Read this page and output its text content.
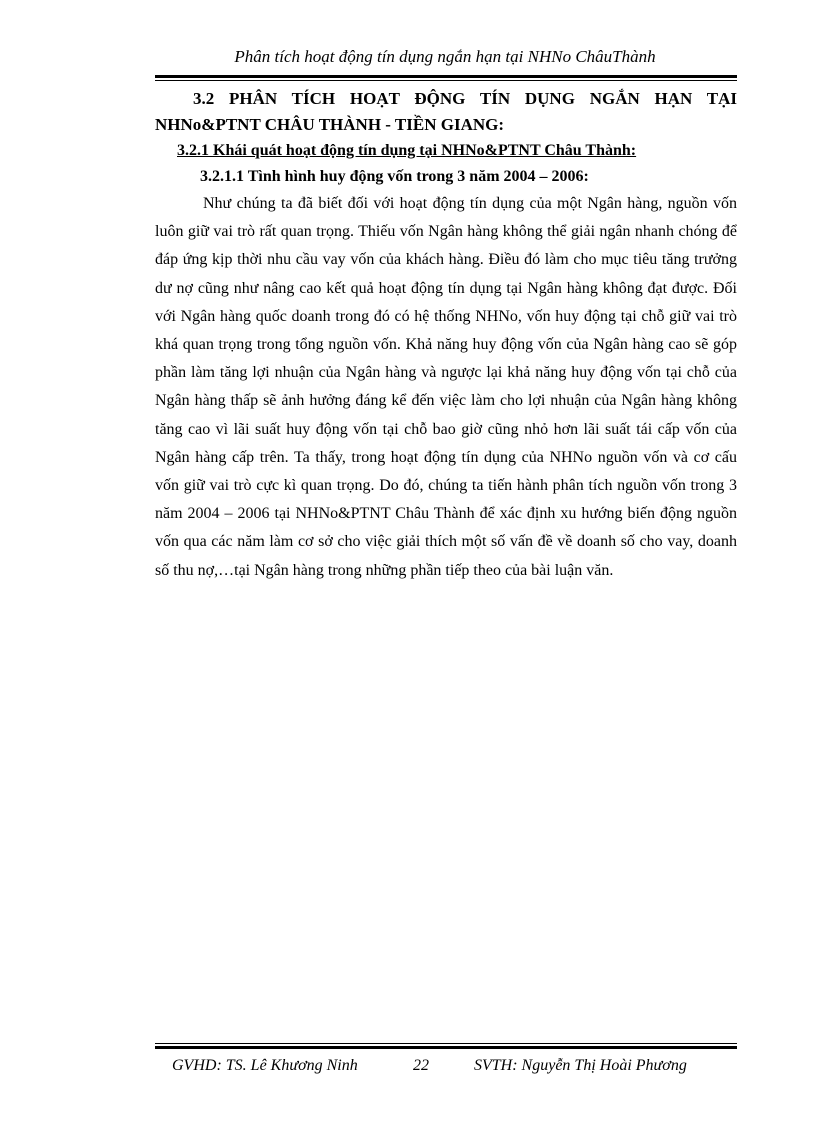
Phân tích hoạt động tín dụng ngắn hạn tại NHNo ChâuThành
3.2 PHÂN TÍCH HOẠT ĐỘNG TÍN DỤNG NGẮN HẠN TẠI
NHNo&PTNT CHÂU THÀNH - TIỀN GIANG:
3.2.1 Khái quát hoạt động tín dụng tại NHNo&PTNT Châu Thành:
3.2.1.1 Tình hình huy động vốn trong 3 năm 2004 – 2006:

Như chúng ta đã biết đối với hoạt động tín dụng của một Ngân hàng, nguồn vốn luôn giữ vai trò rất quan trọng. Thiếu vốn Ngân hàng không thể giải ngân nhanh chóng để đáp ứng kịp thời nhu cầu vay vốn của khách hàng. Điều đó làm cho mục tiêu tăng trưởng dư nợ cũng như nâng cao kết quả hoạt động tín dụng tại Ngân hàng không đạt được. Đối với Ngân hàng quốc doanh trong đó có hệ thống NHNo, vốn huy động tại chỗ giữ vai trò khá quan trọng trong tổng nguồn vốn. Khả năng huy động vốn của Ngân hàng cao sẽ góp phần làm tăng lợi nhuận của Ngân hàng và ngược lại khả năng huy động vốn tại chỗ của Ngân hàng thấp sẽ ảnh hưởng đáng kể đến việc làm cho lợi nhuận của Ngân hàng không tăng cao vì lãi suất huy động vốn tại chỗ bao giờ cũng nhỏ hơn lãi suất tái cấp vốn của Ngân hàng cấp trên. Ta thấy, trong hoạt động tín dụng của NHNo nguồn vốn và cơ cấu vốn giữ vai trò cực kì quan trọng. Do đó, chúng ta tiến hành phân tích nguồn vốn trong 3 năm 2004 – 2006 tại NHNo&PTNT Châu Thành để xác định xu hướng biến động nguồn vốn qua các năm làm cơ sở cho việc giải thích một số vấn đề về doanh số cho vay, doanh số thu nợ,…tại Ngân hàng trong những phần tiếp theo của bài luận văn.

GVHD: TS. Lê Khương Ninh	22	SVTH: Nguyễn Thị Hoài Phương
